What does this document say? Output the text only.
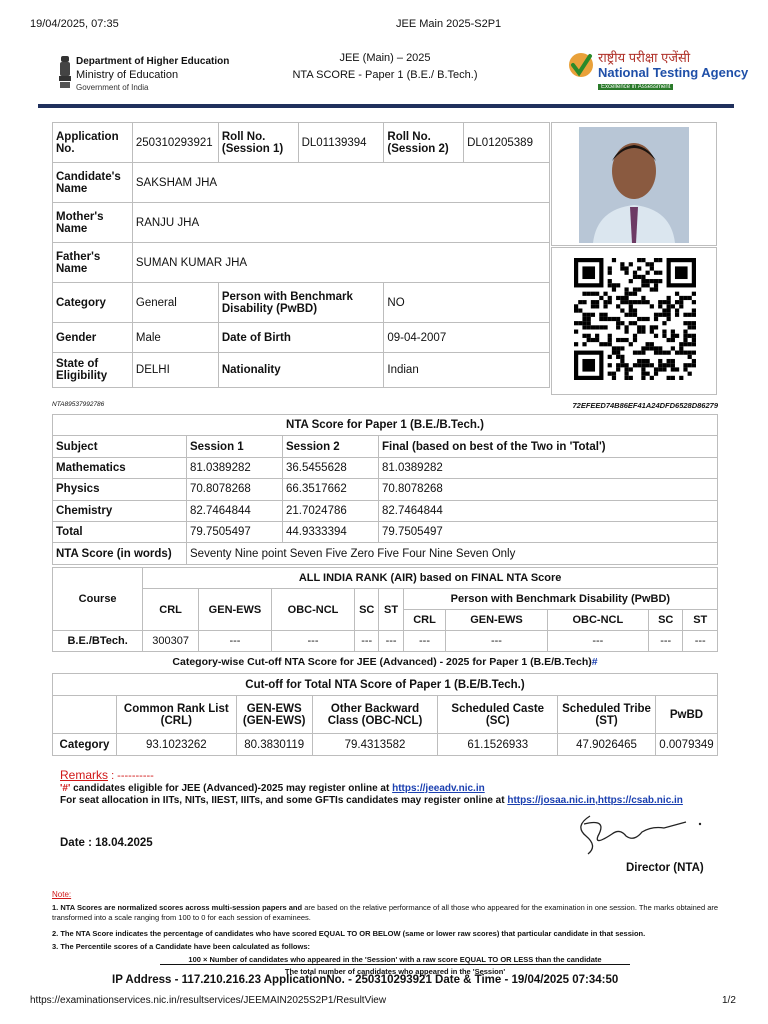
19/04/2025, 07:35	JEE Main 2025-S2P1
Department of Higher Education
Ministry of Education
Government of India
JEE (Main) – 2025
NTA SCORE - Paper 1 (B.E./ B.Tech.)
राष्ट्रीय परीक्षा एजेंसी
National Testing Agency
Excellence in Assessment
Application No.	250310293921	Roll No. (Session 1)	DL01139394	Roll No. (Session 2)	DL01205389
Candidate's Name	SAKSHAM JHA				
Mother's Name	RANJU JHA				
Father's Name	SUMAN KUMAR JHA				
Category	General	Person with Benchmark Disability (PwBD)		NO	
Gender	Male	Date of Birth		09-04-2007	
State of Eligibility	DELHI	Nationality		Indian	
NTA89537992786	72EFEED74B86EF41A24DFD6528D86279
NTA Score for Paper 1 (B.E./B.Tech.)			
Subject	Session 1	Session 2	Final (based on best of the Two in 'Total')
Mathematics	81.0389282	36.5455628	81.0389282
Physics	70.8078268	66.3517662	70.8078268
Chemistry	82.7464844	21.7024786	82.7464844
Total	79.7505497	44.9333394	79.7505497
NTA Score (in words)	Seventy Nine point Seven Five Zero Five Four Nine Seven Only		
Course	ALL INDIA RANK (AIR) based on FINAL NTA Score									
	CRL	GEN-EWS	OBC-NCL	SC	ST	Person with Benchmark Disability (PwBD)				
						CRL	GEN-EWS	OBC-NCL	SC	ST
B.E./BTech.	300307	---	---	---	---	---	---	---	---	---
Category-wise Cut-off NTA Score for JEE (Advanced) - 2025 for Paper 1 (B.E/B.Tech)#
Cut-off for Total NTA Score of Paper 1 (B.E/B.Tech.)						
	Common Rank List (CRL)	GEN-EWS (GEN-EWS)	Other Backward Class (OBC-NCL)	Scheduled Caste (SC)	Scheduled Tribe (ST)	PwBD
Category	93.1023262	80.3830119	79.4313582	61.1526933	47.9026465	0.0079349
Remarks : ----------
'#' candidates eligible for JEE (Advanced)-2025 may register online at https://jeeadv.nic.in
For seat allocation in IITs, NITs, IIEST, IIITs, and some GFTIs candidates may register online at https://josaa.nic.in,https://csab.nic.in
Date : 18.04.2025
Director (NTA)
Note:
1. NTA Scores are normalized scores across multi-session papers and are based on the relative performance of all those who appeared for the examination in one session. The marks obtained are transformed into a scale ranging from 100 to 0 for each session of examinees.
2. The NTA Score indicates the percentage of candidates who have scored EQUAL TO OR BELOW (same or lower raw scores) that particular candidate in that session.
3. The Percentile scores of a Candidate have been calculated as follows:
100 × Number of candidates who appeared in the 'Session' with a raw score EQUAL TO OR LESS than the candidate
The total number of candidates who appeared in the 'Session'
IP Address - 117.210.216.23 ApplicationNo. - 250310293921 Date & Time - 19/04/2025 07:34:50
https://examinationservices.nic.in/resultservices/JEEMAIN2025S2P1/ResultView	1/2
